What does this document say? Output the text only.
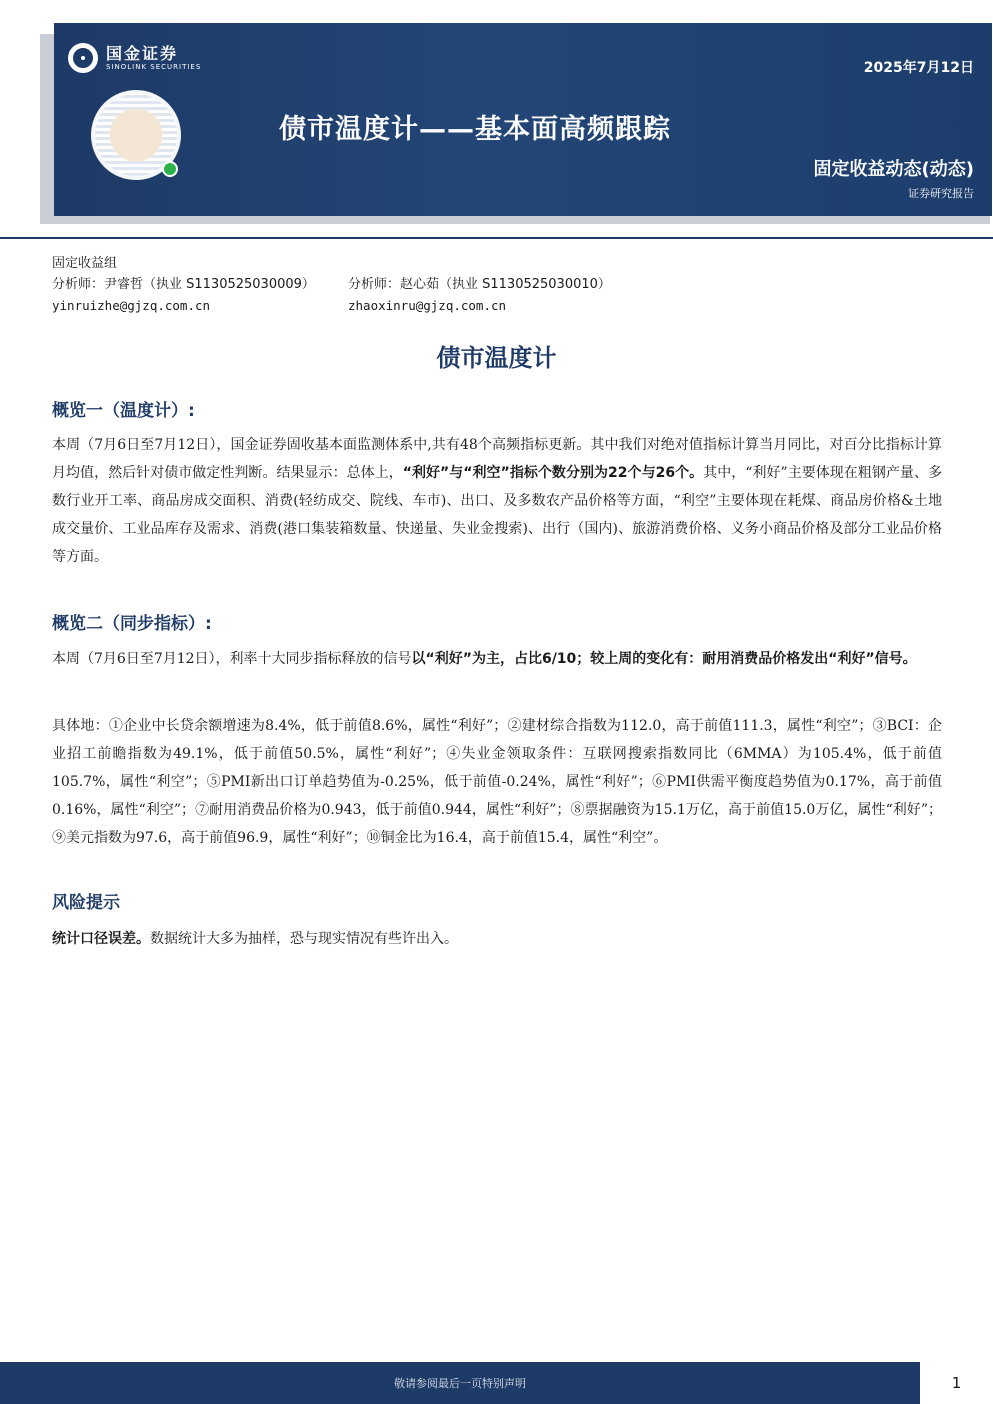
国金证券
SINOLINK SECURITIES
债市温度计——基本面高频跟踪
2025年7月12日
固定收益动态(动态)
证券研究报告
固定收益组
分析师：尹睿哲（执业 S1130525030009）	分析师：赵心茹（执业 S1130525030010）
yinruizhe@gjzq.com.cn	zhaoxinru@gjzq.com.cn
债市温度计
概览一（温度计）:
本周（7月6日至7月12日），国金证券固收基本面监测体系中,共有48个高频指标更新。其中我们对绝对值指标计算当月同比，对百分比指标计算月均值，然后针对债市做定性判断。结果显示：总体上，“利好”与“利空”指标个数分别为22个与26个。其中，“利好”主要体现在粗钢产量、多数行业开工率、商品房成交面积、消费(轻纺成交、院线、车市)、出口、及多数农产品价格等方面，“利空”主要体现在耗煤、商品房价格&土地成交量价、工业品库存及需求、消费(港口集装箱数量、快递量、失业金搜索)、出行（国内)、旅游消费价格、义务小商品价格及部分工业品价格等方面。
概览二（同步指标）:
本周（7月6日至7月12日），利率十大同步指标释放的信号以“利好”为主，占比6/10；较上周的变化有：耐用消费品价格发出“利好”信号。
具体地：①企业中长贷余额增速为8.4%，低于前值8.6%，属性“利好”；②建材综合指数为112.0，高于前值111.3，属性“利空”；③BCI：企业招工前瞻指数为49.1%，低于前值50.5%，属性“利好”；④失业金领取条件：互联网搜索指数同比（6MMA）为105.4%，低于前值105.7%，属性“利空”；⑤PMI新出口订单趋势值为-0.25%，低于前值-0.24%，属性“利好”；⑥PMI供需平衡度趋势值为0.17%，高于前值0.16%，属性“利空”；⑦耐用消费品价格为0.943，低于前值0.944，属性“利好”；⑧票据融资为15.1万亿，高于前值15.0万亿，属性“利好”；⑨美元指数为97.6，高于前值96.9，属性“利好”；⑩铜金比为16.4，高于前值15.4，属性“利空”。
风险提示
统计口径误差。数据统计大多为抽样，恐与现实情况有些许出入。
敬请参阅最后一页特别声明	1
